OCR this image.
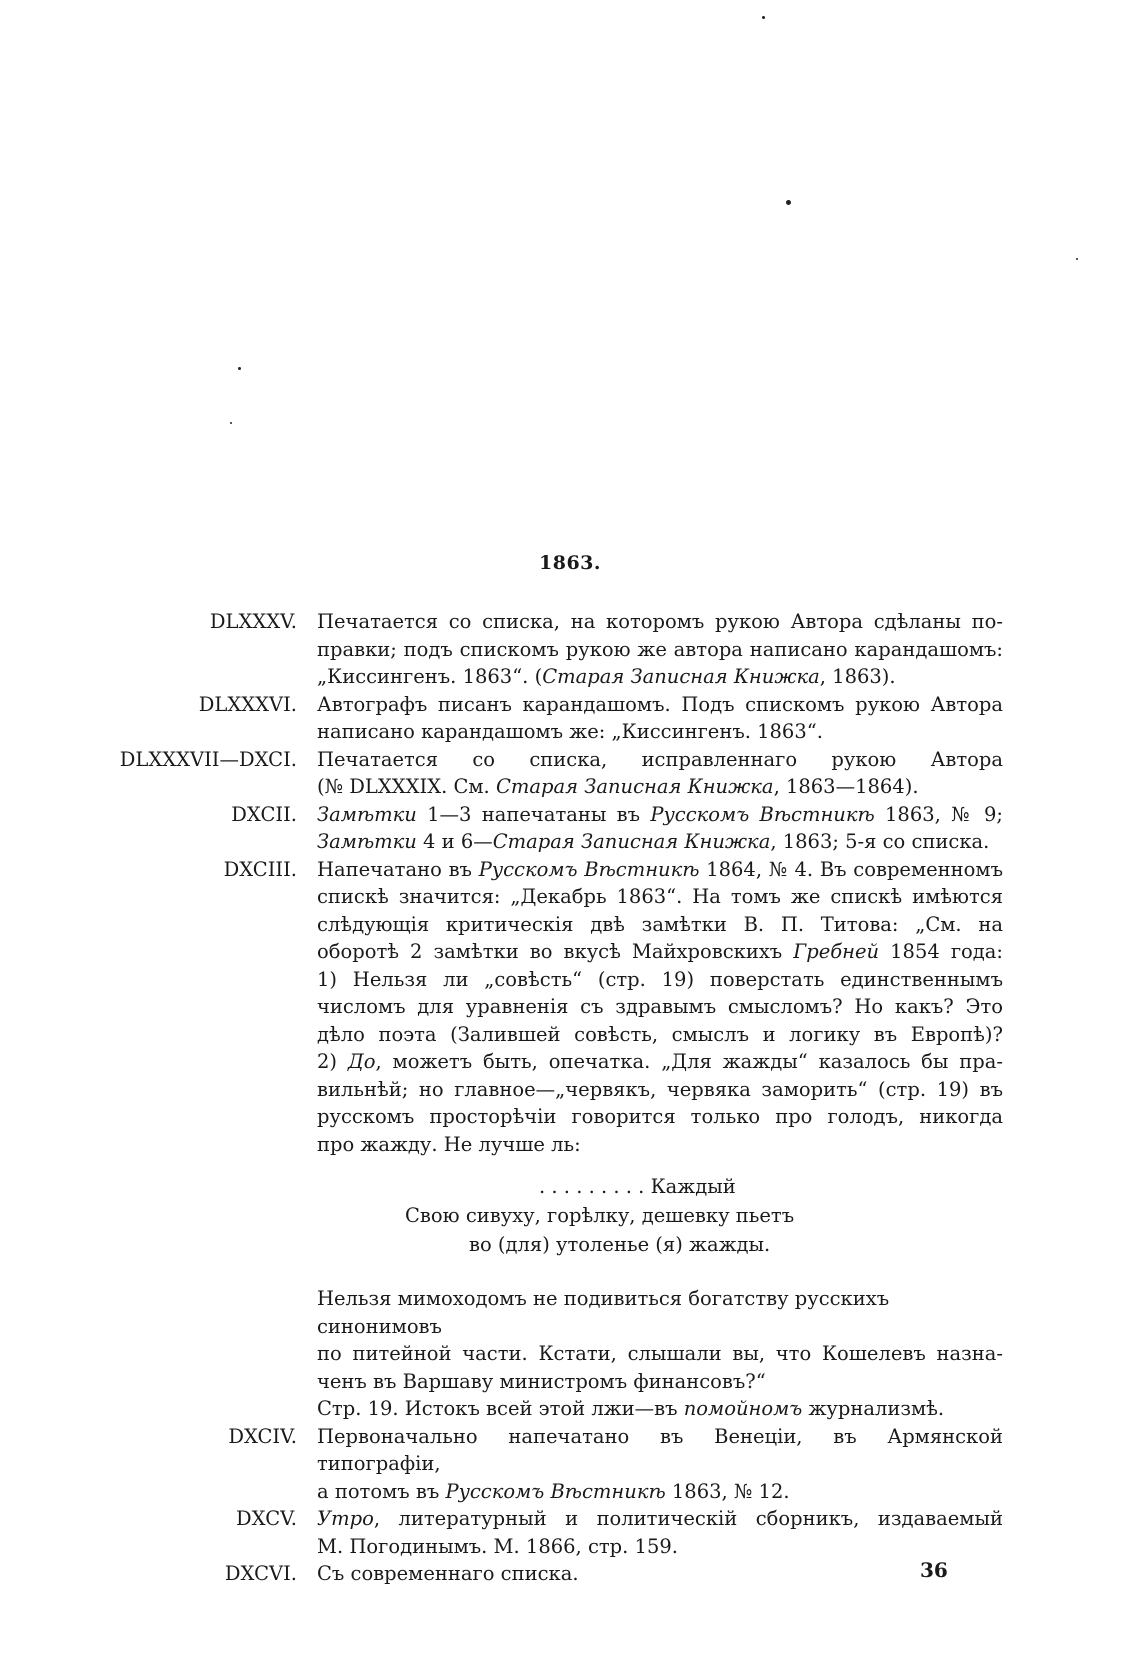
1863.
DLXXXV. Печатается со списка, на которомъ рукою Автора сдѣланы по-
правки; подъ спискомъ рукою же автора написано карандашомъ:
„Киссингенъ. 1863“. (Старая Записная Книжка, 1863).
DLXXXVI. Автографъ писанъ карандашомъ. Подъ спискомъ рукою Автора
написано карандашомъ же: „Киссингенъ. 1863“.
DLXXXVII—DXCI. Печатается со списка, исправленнаго рукою Автора
(№ DLXXXIX. См. Старая Записная Книжка, 1863—1864).
DXCII. Замѣтки 1—3 напечатаны въ Русскомъ Вѣстникѣ 1863, № 9;
Замѣтки 4 и 6—Старая Записная Книжка, 1863; 5-я со списка.
DXCIII. Напечатано въ Русскомъ Вѣстникѣ 1864, № 4. Въ современномъ
спискѣ значится: „Декабрь 1863“. На томъ же спискѣ имѣются
слѣдующія критическія двѣ замѣтки В. П. Титова: „См. на
оборотѣ 2 замѣтки во вкусѣ Майхровскихъ Гребней 1854 года:
1) Нельзя ли „совѣсть“ (стр. 19) поверстать единственнымъ
числомъ для уравненія съ здравымъ смысломъ? Но какъ? Это
дѣло поэта (Залившей совѣсть, смыслъ и логику въ Европѣ)?
2) До, можетъ быть, опечатка. „Для жажды“ казалось бы пра-
вильнѣй; но главное—„червякъ, червяка заморить“ (стр. 19) въ
русскомъ просторѣчіи говорится только про голодъ, никогда
про жажду. Не лучше ль:
. . . . . . . . . Каждый
Свою сивуху, горѣлку, дешевку пьетъ
во (для) утоленье (я) жажды.
Нельзя мимоходомъ не подивиться богатству русскихъ синонимовъ
по питейной части. Кстати, слышали вы, что Кошелевъ назна-
ченъ въ Варшаву министромъ финансовъ?“
Стр. 19. Истокъ всей этой лжи—въ помойномъ журнализмѣ.
DXCIV. Первоначально напечатано въ Венеціи, въ Армянской типографіи,
а потомъ въ Русскомъ Вѣстникѣ 1863, № 12.
DXCV. Утро, литературный и политическій сборникъ, издаваемый
М. Погодинымъ. М. 1866, стр. 159.
DXCVI. Съ современнаго списка.	36
